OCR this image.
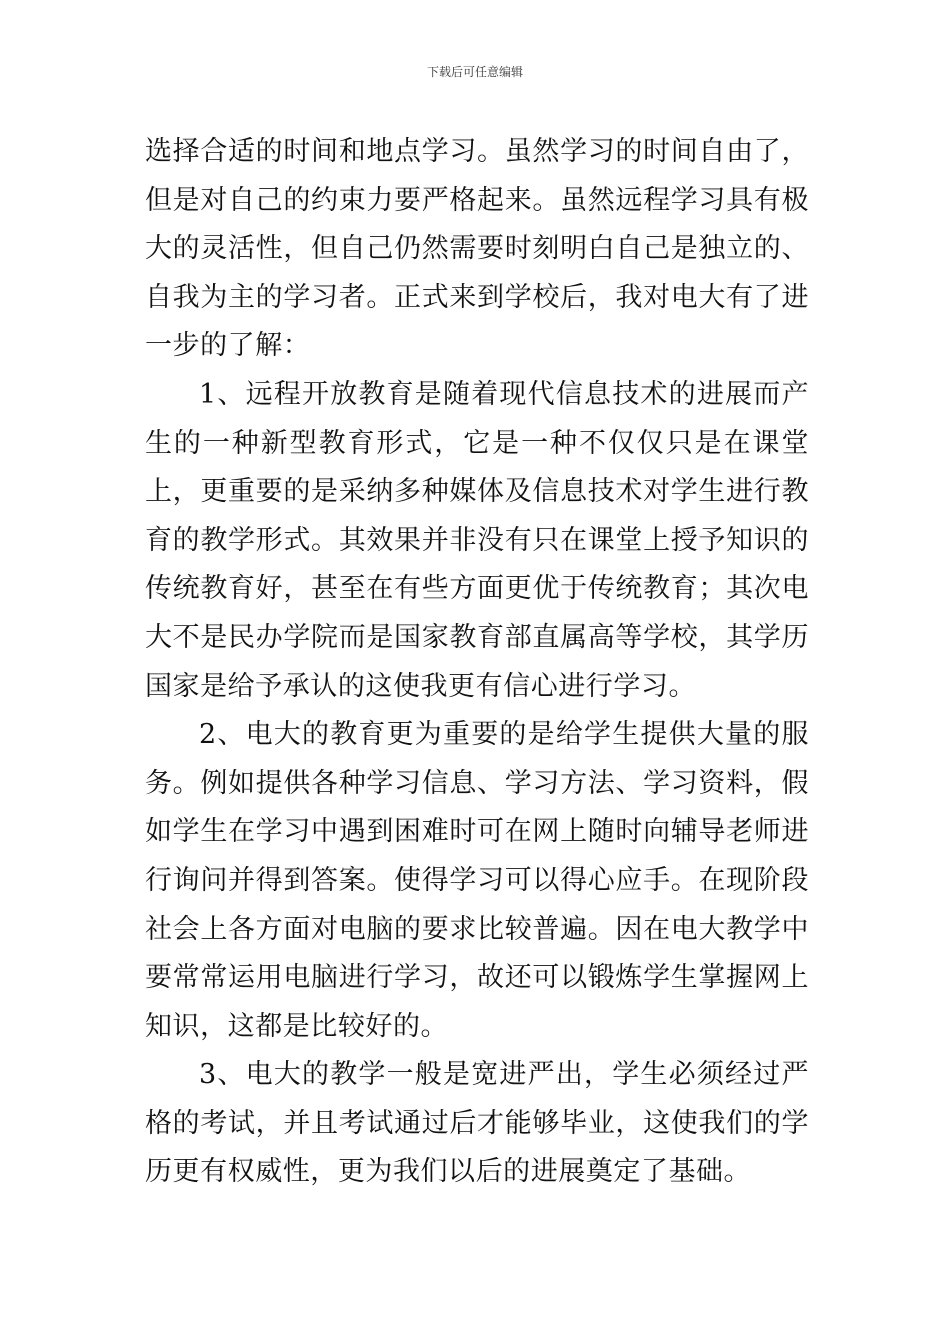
下载后可任意编辑

选择合适的时间和地点学习。虽然学习的时间自由了，但是对自己的约束力要严格起来。虽然远程学习具有极大的灵活性，但自己仍然需要时刻明白自己是独立的、自我为主的学习者。正式来到学校后，我对电大有了进一步的了解：

1、远程开放教育是随着现代信息技术的进展而产生的一种新型教育形式，它是一种不仅仅只是在课堂上，更重要的是采纳多种媒体及信息技术对学生进行教育的教学形式。其效果并非没有只在课堂上授予知识的传统教育好，甚至在有些方面更优于传统教育；其次电大不是民办学院而是国家教育部直属高等学校，其学历国家是给予承认的这使我更有信心进行学习。

2、电大的教育更为重要的是给学生提供大量的服务。例如提供各种学习信息、学习方法、学习资料，假如学生在学习中遇到困难时可在网上随时向辅导老师进行询问并得到答案。使得学习可以得心应手。在现阶段社会上各方面对电脑的要求比较普遍。因在电大教学中要常常运用电脑进行学习，故还可以锻炼学生掌握网上知识，这都是比较好的。

3、电大的教学一般是宽进严出，学生必须经过严格的考试，并且考试通过后才能够毕业，这使我们的学历更有权威性，更为我们以后的进展奠定了基础。
